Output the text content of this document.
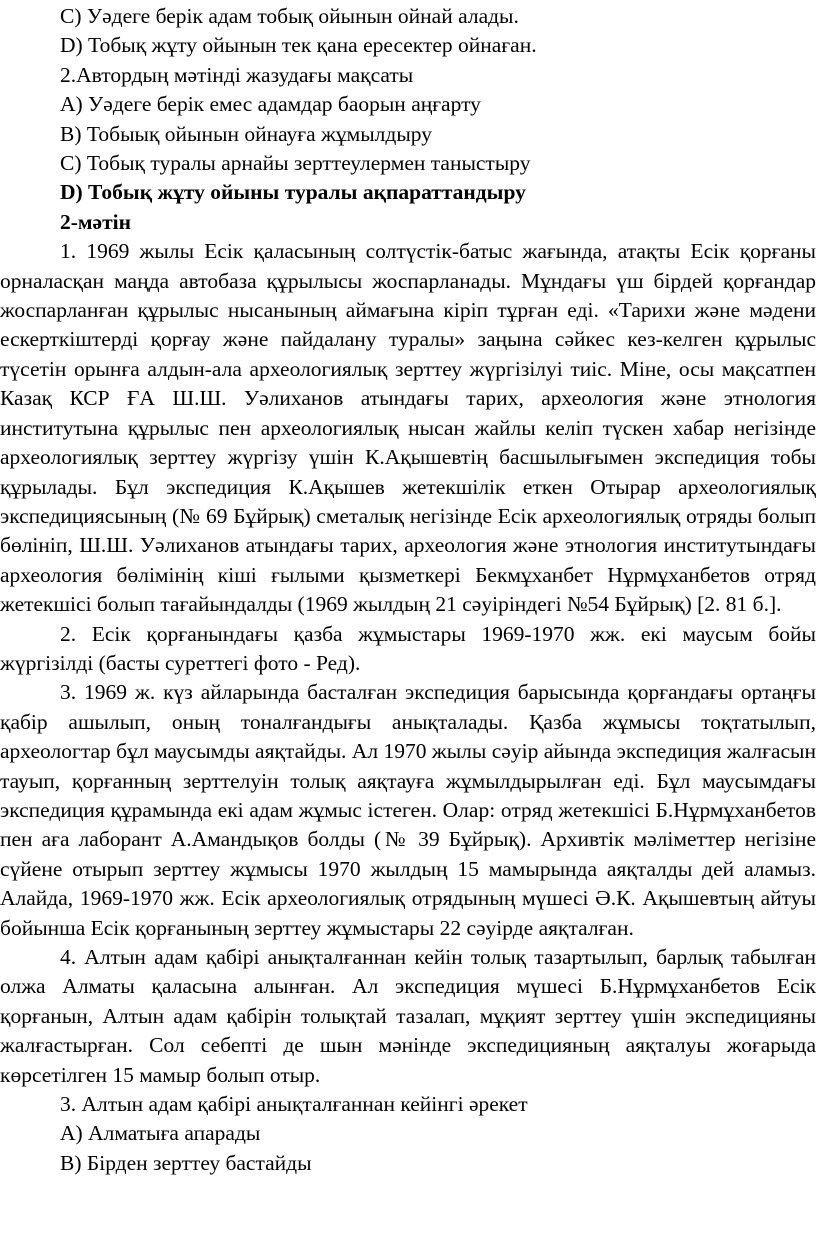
C) Уәдеге берік адам тобық ойынын ойнай алады.

D) Тобық жұту ойынын тек қана ересектер ойнаған.

2.Автордың мәтінді жазудағы мақсаты

A) Уәдеге берік емес адамдар баорын аңғарту

B) Тобыық ойынын ойнауға жұмылдыру

C) Тобық туралы арнайы зерттеулермен таныстыру

D) Тобық жұту ойыны туралы ақпараттандыру

2-мәтін

1. 1969 жылы Есік қаласының солтүстік-батыс жағында, атақты Есік қорғаны орналасқан маңда автобаза құрылысы жоспарланады. Мұндағы үш бірдей қорғандар жоспарланған құрылыс нысанының аймағына кіріп тұрған еді. «Тарихи және мәдени ескерткіштерді қорғау және пайдалану туралы» заңына сәйкес кез-келген құрылыс түсетін орынға алдын-ала археологиялық зерттеу жүргізілуі тиіс. Міне, осы мақсатпен Казақ КСР ҒА Ш.Ш. Уәлиханов атындағы тарих, археология және этнология институтына құрылыс пен археологиялық нысан жайлы келіп түскен хабар негізінде археологиялық зерттеу жүргізу үшін К.Ақышевтің басшылығымен экспедиция тобы құрылады. Бұл экспедиция К.Ақышев жетекшілік еткен Отырар археологиялық экспедициясының (№ 69 Бұйрық) сметалық негізінде Есік археологиялық отряды болып бөлініп, Ш.Ш. Уәлиханов атындағы тарих, археология және этнология институтындағы археология бөлімінің кіші ғылыми қызметкері Бекмұханбет Нұрмұханбетов отряд жетекшісі болып тағайындалды (1969 жылдың 21 сәуіріндегі №54 Бұйрық) [2. 81 б.].

2. Есік қорғанындағы қазба жұмыстары 1969-1970 жж. екі маусым бойы жүргізілді (басты суреттегі фото - Ред).

3. 1969 ж. күз айларында басталған экспедиция барысында қорғандағы ортаңғы қабір ашылып, оның тоналғандығы анықталады. Қазба жұмысы тоқтатылып, археологтар бұл маусымды аяқтайды. Ал 1970 жылы сәуір айында экспедиция жалғасын тауып, қорғанның зерттелуін толық аяқтауға жұмылдырылған еді. Бұл маусымдағы экспедиция құрамында екі адам жұмыс істеген. Олар: отряд жетекшісі Б.Нұрмұханбетов пен аға лаборант А.Амандықов болды (№ 39 Бұйрық). Архивтік мәліметтер негізіне сүйене отырып зерттеу жұмысы 1970 жылдың 15 мамырында аяқталды дей аламыз. Алайда, 1969-1970 жж. Есік археологиялық отрядының мүшесі Ә.К. Ақышевтың айтуы бойынша Есік қорғанының зерттеу жұмыстары 22 сәуірде аяқталған.

4. Алтын адам қабірі анықталғаннан кейін толық тазартылып, барлық табылған олжа Алматы қаласына алынған. Ал экспедиция мүшесі Б.Нұрмұханбетов Есік қорғанын, Алтын адам қабірін толықтай тазалап, мұқият зерттеу үшін экспедицияны жалғастырған. Сол себепті де шын мәнінде экспедицияның аяқталуы жоғарыда көрсетілген 15 мамыр болып отыр.

3. Алтын адам қабірі анықталғаннан кейінгі әрекет

A) Алматыға апарады

B) Бірден зерттеу бастайды
